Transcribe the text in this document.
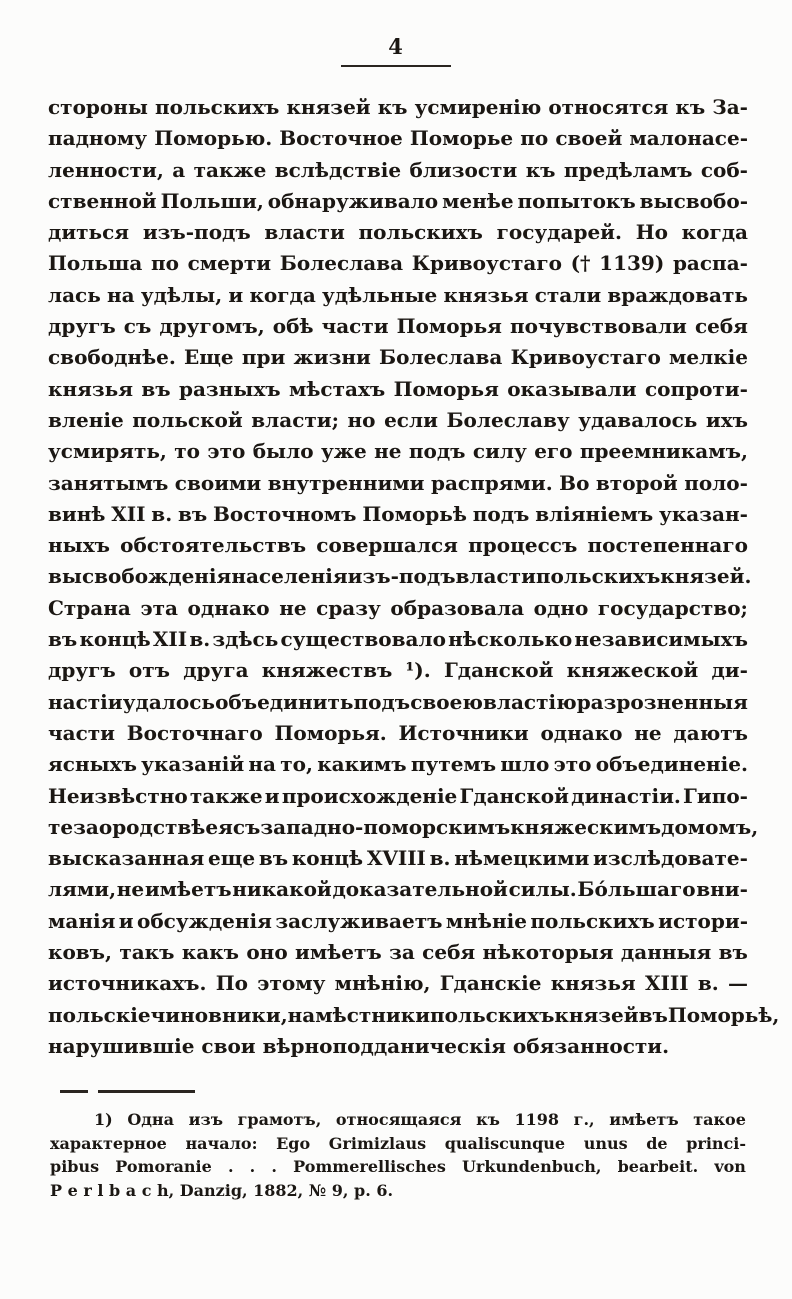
4
стороны польскихъ князей къ усмиренію относятся къ За-
падному Поморью. Восточное Поморье по своей малонасе-
ленности, а также вслѣдствіе близости къ предѣламъ соб-
ственной Польши, обнаруживало менѣе попытокъ высвобо-
диться изъ-подъ власти польскихъ государей. Но когда
Польша по смерти Болеслава Кривоустаго († 1139) распа-
лась на удѣлы, и когда удѣльные князья стали враждовать
другъ съ другомъ, обѣ части Поморья почувствовали себя
свободнѣе. Еще при жизни Болеслава Кривоустаго мелкіе
князья въ разныхъ мѣстахъ Поморья оказывали сопроти-
вленіе польской власти; но если Болеславу удавалось ихъ
усмирять, то это было уже не подъ силу его преемникамъ,
занятымъ своими внутренними распрями. Во второй поло-
винѣ XII в. въ Восточномъ Поморьѣ подъ вліяніемъ указан-
ныхъ обстоятельствъ совершался процессъ постепеннаго
высвобожденія населенія изъ-подъ власти польскихъ князей.
Страна эта однако не сразу образовала одно государство;
въ концѣ XII в. здѣсь существовало нѣсколько независимыхъ
другъ отъ друга княжествъ ¹). Гданской княжеской ди-
настіи удалось объединить подъ своею властію разрозненныя
части Восточнаго Поморья. Источники однако не даютъ
ясныхъ указаній на то, какимъ путемъ шло это объединеніе.
Неизвѣстно также и происхожденіе Гданской династіи. Гипо-
теза о родствѣ ея съ западно-поморскимъ княжескимъ домомъ,
высказанная еще въ концѣ XVIII в. нѣмецкими изслѣдовате-
лями, не имѣетъ никакой доказательной силы. Бо́льшаго вни-
манія и обсужденія заслуживаетъ мнѣніе польскихъ истори-
ковъ, такъ какъ оно имѣетъ за себя нѣкоторыя данныя въ
источникахъ. По этому мнѣнію, Гданскіе князья XIII в. —
польскіе чиновники, намѣстники польскихъ князей въ Поморьѣ,
нарушившіе свои вѣрноподданическія обязанности.
1) Одна изъ грамотъ, относящаяся къ 1198 г., имѣетъ такое
характерное начало: Ego Grimizlaus qualiscunque unus de princi-
pibus Pomoranie . . . Pommerellisches Urkundenbuch, bearbeit. von
P e r l b a c h, Danzig, 1882, № 9, p. 6.
